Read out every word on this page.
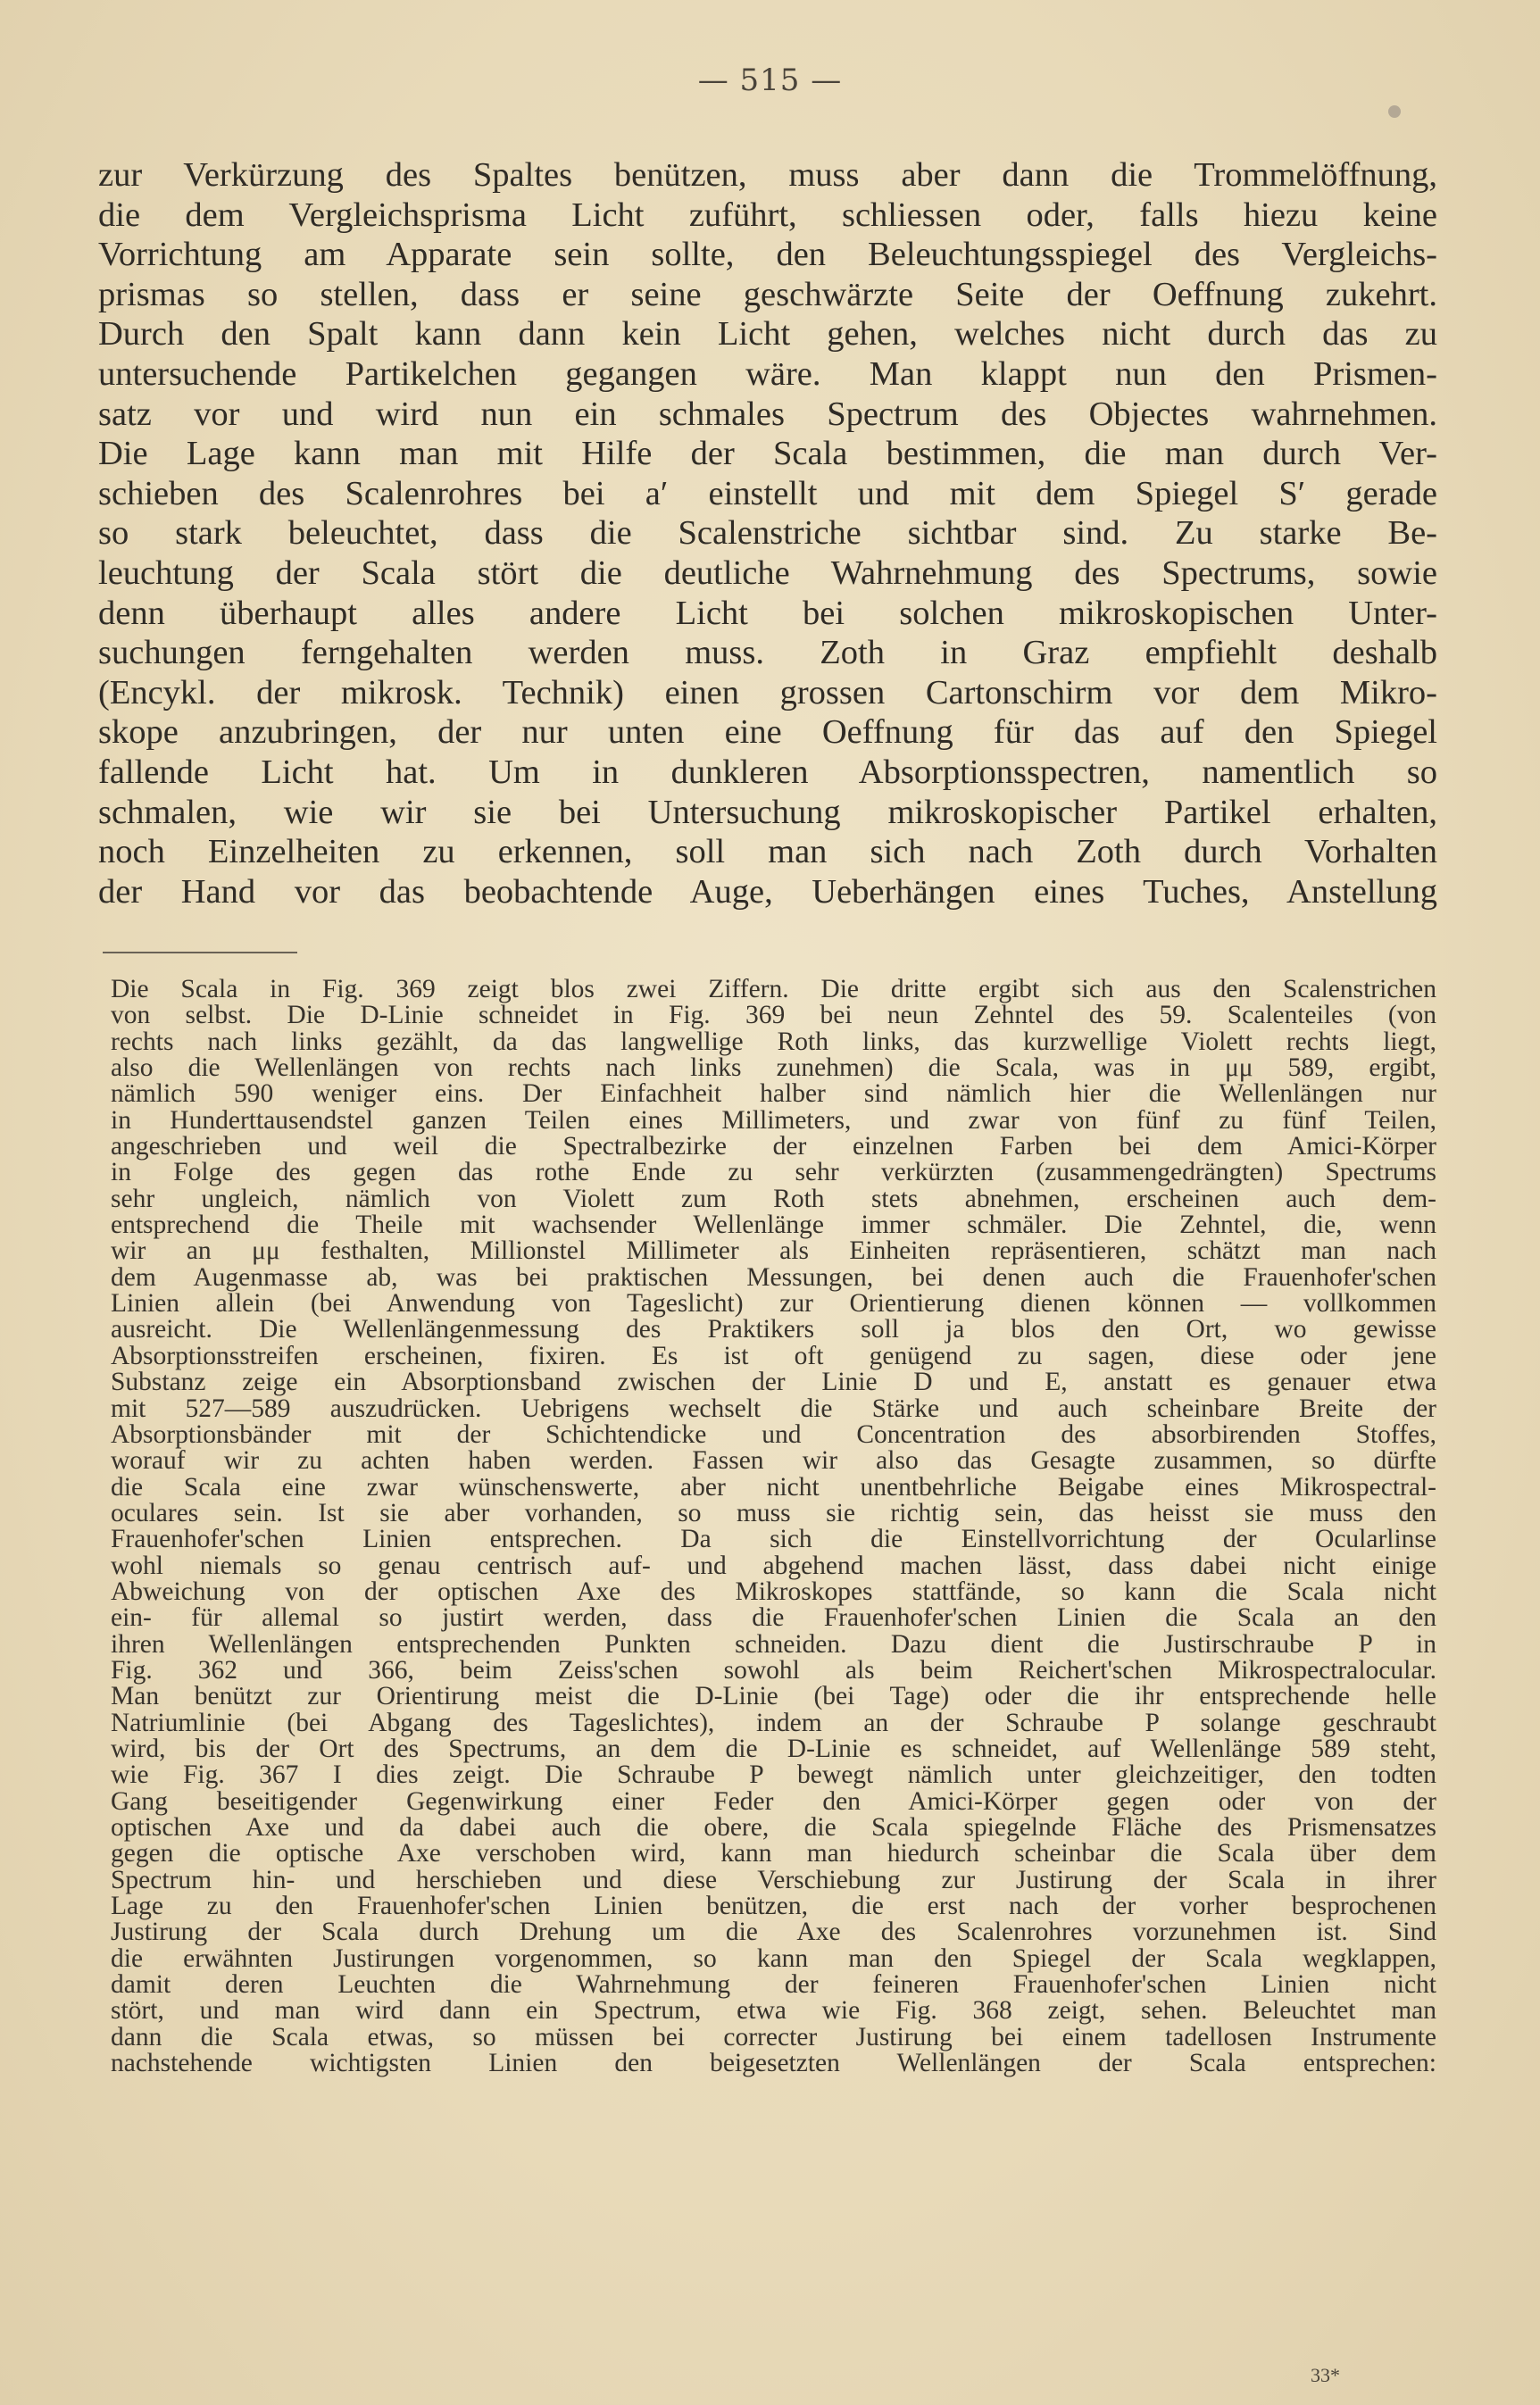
— 515 —
zur Verkürzung des Spaltes benützen, muss aber dann die Trommelöffnung,
die dem Vergleichsprisma Licht zuführt, schliessen oder, falls hiezu keine
Vorrichtung am Apparate sein sollte, den Beleuchtungsspiegel des Vergleichs-
prismas so stellen, dass er seine geschwärzte Seite der Oeffnung zukehrt.
Durch den Spalt kann dann kein Licht gehen, welches nicht durch das zu
untersuchende Partikelchen gegangen wäre. Man klappt nun den Prismen-
satz vor und wird nun ein schmales Spectrum des Objectes wahrnehmen.
Die Lage kann man mit Hilfe der Scala bestimmen, die man durch Ver-
schieben des Scalenrohres bei a′ einstellt und mit dem Spiegel S′ gerade
so stark beleuchtet, dass die Scalenstriche sichtbar sind. Zu starke Be-
leuchtung der Scala stört die deutliche Wahrnehmung des Spectrums, sowie
denn überhaupt alles andere Licht bei solchen mikroskopischen Unter-
suchungen ferngehalten werden muss. Zoth in Graz empfiehlt deshalb
(Encykl. der mikrosk. Technik) einen grossen Cartonschirm vor dem Mikro-
skope anzubringen, der nur unten eine Oeffnung für das auf den Spiegel
fallende Licht hat. Um in dunkleren Absorptionsspectren, namentlich so
schmalen, wie wir sie bei Untersuchung mikroskopischer Partikel erhalten,
noch Einzelheiten zu erkennen, soll man sich nach Zoth durch Vorhalten
der Hand vor das beobachtende Auge, Ueberhängen eines Tuches, Anstellung
Die Scala in Fig. 369 zeigt blos zwei Ziffern. Die dritte ergibt sich aus den Scalenstrichen
von selbst. Die D-Linie schneidet in Fig. 369 bei neun Zehntel des 59. Scalenteiles (von
rechts nach links gezählt, da das langwellige Roth links, das kurzwellige Violett rechts liegt,
also die Wellenlängen von rechts nach links zunehmen) die Scala, was in μμ 589, ergibt,
nämlich 590 weniger eins. Der Einfachheit halber sind nämlich hier die Wellenlängen nur
in Hunderttausendstel ganzen Teilen eines Millimeters, und zwar von fünf zu fünf Teilen,
angeschrieben und weil die Spectralbezirke der einzelnen Farben bei dem Amici-Körper
in Folge des gegen das rothe Ende zu sehr verkürzten (zusammengedrängten) Spectrums
sehr ungleich, nämlich von Violett zum Roth stets abnehmen, erscheinen auch dem-
entsprechend die Theile mit wachsender Wellenlänge immer schmäler. Die Zehntel, die, wenn
wir an μμ festhalten, Millionstel Millimeter als Einheiten repräsentieren, schätzt man nach
dem Augenmasse ab, was bei praktischen Messungen, bei denen auch die Frauenhofer'schen
Linien allein (bei Anwendung von Tageslicht) zur Orientierung dienen können — vollkommen
ausreicht. Die Wellenlängenmessung des Praktikers soll ja blos den Ort, wo gewisse
Absorptionsstreifen erscheinen, fixiren. Es ist oft genügend zu sagen, diese oder jene
Substanz zeige ein Absorptionsband zwischen der Linie D und E, anstatt es genauer etwa
mit 527—589 auszudrücken. Uebrigens wechselt die Stärke und auch scheinbare Breite der
Absorptionsbänder mit der Schichtendicke und Concentration des absorbirenden Stoffes,
worauf wir zu achten haben werden. Fassen wir also das Gesagte zusammen, so dürfte
die Scala eine zwar wünschenswerte, aber nicht unentbehrliche Beigabe eines Mikrospectral-
oculares sein. Ist sie aber vorhanden, so muss sie richtig sein, das heisst sie muss den
Frauenhofer'schen Linien entsprechen. Da sich die Einstellvorrichtung der Ocularlinse
wohl niemals so genau centrisch auf- und abgehend machen lässt, dass dabei nicht einige
Abweichung von der optischen Axe des Mikroskopes stattfände, so kann die Scala nicht
ein- für allemal so justirt werden, dass die Frauenhofer'schen Linien die Scala an den
ihren Wellenlängen entsprechenden Punkten schneiden. Dazu dient die Justirschraube P in
Fig. 362 und 366, beim Zeiss'schen sowohl als beim Reichert'schen Mikrospectralocular.
Man benützt zur Orientirung meist die D-Linie (bei Tage) oder die ihr entsprechende helle
Natriumlinie (bei Abgang des Tageslichtes), indem an der Schraube P solange geschraubt
wird, bis der Ort des Spectrums, an dem die D-Linie es schneidet, auf Wellenlänge 589 steht,
wie Fig. 367 I dies zeigt. Die Schraube P bewegt nämlich unter gleichzeitiger, den todten
Gang beseitigender Gegenwirkung einer Feder den Amici-Körper gegen oder von der
optischen Axe und da dabei auch die obere, die Scala spiegelnde Fläche des Prismensatzes
gegen die optische Axe verschoben wird, kann man hiedurch scheinbar die Scala über dem
Spectrum hin- und herschieben und diese Verschiebung zur Justirung der Scala in ihrer
Lage zu den Frauenhofer'schen Linien benützen, die erst nach der vorher besprochenen
Justirung der Scala durch Drehung um die Axe des Scalenrohres vorzunehmen ist. Sind
die erwähnten Justirungen vorgenommen, so kann man den Spiegel der Scala wegklappen,
damit deren Leuchten die Wahrnehmung der feineren Frauenhofer'schen Linien nicht
stört, und man wird dann ein Spectrum, etwa wie Fig. 368 zeigt, sehen. Beleuchtet man
dann die Scala etwas, so müssen bei correcter Justirung bei einem tadellosen Instrumente
nachstehende wichtigsten Linien den beigesetzten Wellenlängen der Scala entsprechen:
33*
